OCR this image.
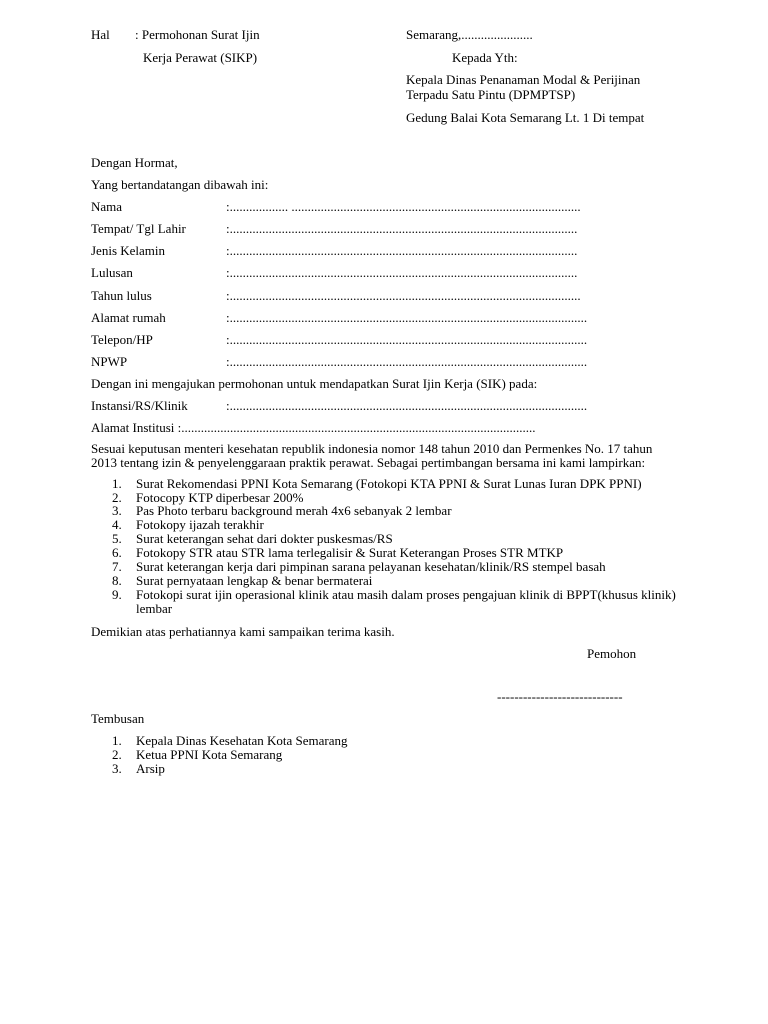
Hal : Permohonan Surat Ijin
Kerja Perawat (SIKP)
Semarang,......................
Kepada Yth:
Kepala Dinas Penanaman Modal & Perijinan
Terpadu Satu Pintu (DPMPTSP)
Gedung Balai Kota Semarang Lt. 1 Di tempat
Dengan Hormat,
Yang bertandatangan dibawah ini:
Nama	:.................. .........................................................................................
Tempat/ Tgl Lahir	:...........................................................................................................
Jenis Kelamin	:...........................................................................................................
Lulusan	:...........................................................................................................
Tahun lulus	:............................................................................................................
Alamat rumah	:..............................................................................................................
Telepon/HP	:..............................................................................................................
NPWP	:..............................................................................................................
Dengan ini mengajukan permohonan untuk mendapatkan Surat Ijin Kerja (SIK) pada:
Instansi/RS/Klinik	:..............................................................................................................
Alamat Institusi :.............................................................................................................
Sesuai keputusan menteri kesehatan republik indonesia nomor 148 tahun 2010 dan Permenkes No. 17 tahun
2013 tentang izin & penyelenggaraan praktik perawat. Sebagai pertimbangan bersama ini kami lampirkan:
1. Surat Rekomendasi PPNI Kota Semarang (Fotokopi KTA PPNI & Surat Lunas Iuran DPK PPNI)
2. Fotocopy KTP diperbesar 200%
3. Pas Photo terbaru background merah 4x6 sebanyak 2 lembar
4. Fotokopy ijazah terakhir
5. Surat keterangan sehat dari dokter puskesmas/RS
6. Fotokopy STR atau STR lama terlegalisir & Surat Keterangan Proses STR MTKP
7. Surat keterangan kerja dari pimpinan sarana pelayanan kesehatan/klinik/RS stempel basah
8. Surat pernyataan lengkap & benar bermaterai
9. Fotokopi surat ijin operasional klinik atau masih dalam proses pengajuan klinik di BPPT(khusus klinik)
lembar
Demikian atas perhatiannya kami sampaikan terima kasih.
Pemohon
-----------------------------
Tembusan
1. Kepala Dinas Kesehatan Kota Semarang
2. Ketua PPNI Kota Semarang
3. Arsip
